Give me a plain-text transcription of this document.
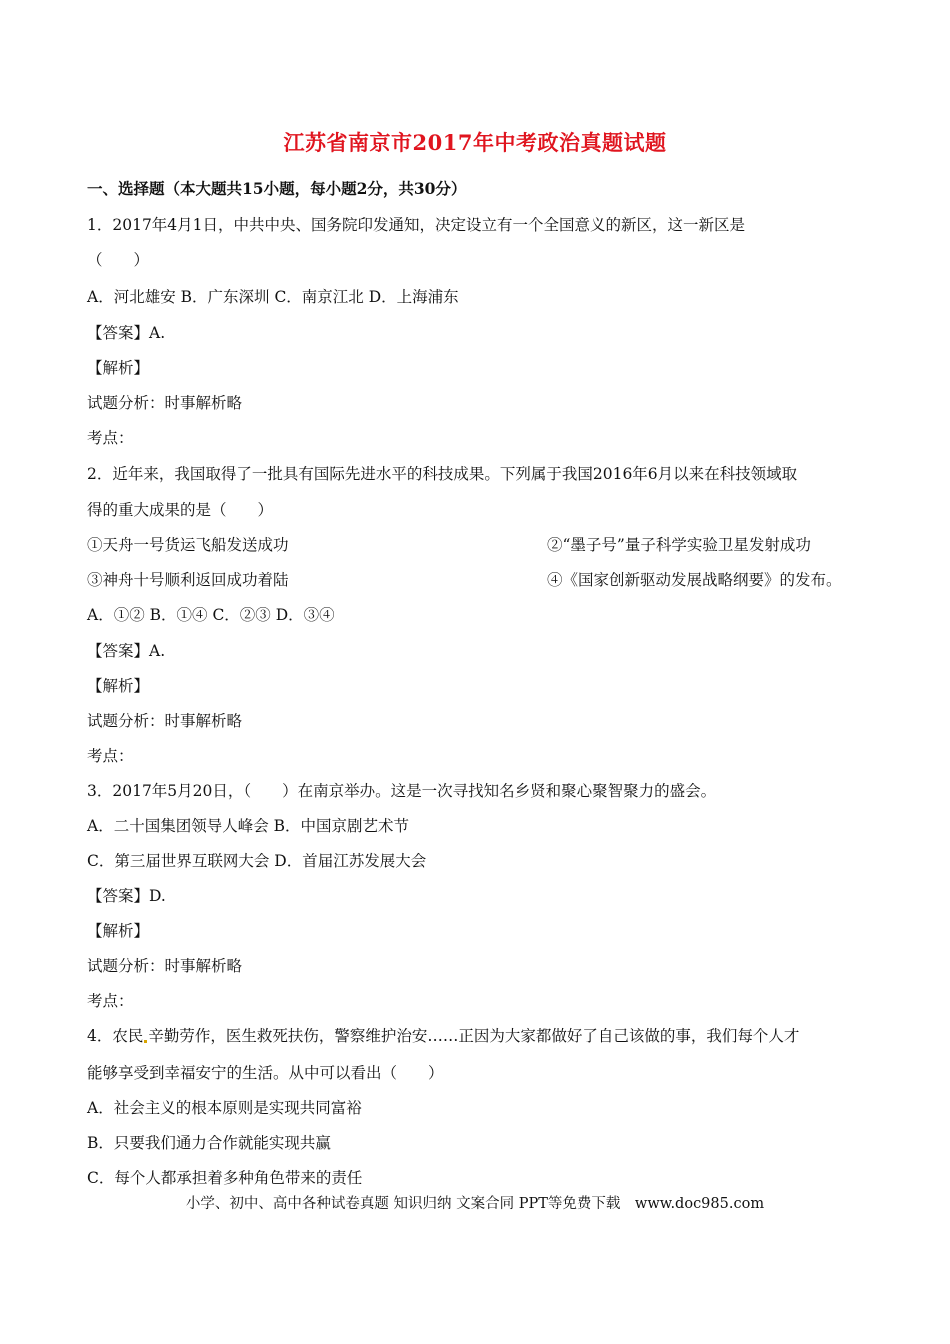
江苏省南京市2017年中考政治真题试题
一、选择题（本大题共15小题，每小题2分，共30分）
1．2017年4月1日，中共中央、国务院印发通知，决定设立有一个全国意义的新区，这一新区是
（　　）
A．河北雄安 B．广东深圳 C．南京江北 D．上海浦东
【答案】A.
【解析】
试题分析：时事解析略
考点：
2．近年来，我国取得了一批具有国际先进水平的科技成果。下列属于我国2016年6月以来在科技领域取
得的重大成果的是（　　）
①天舟一号货运飞船发送成功	②“墨子号”量子科学实验卫星发射成功
③神舟十号顺利返回成功着陆	④《国家创新驱动发展战略纲要》的发布。
A．①② B．①④ C．②③ D．③④
【答案】A.
【解析】
试题分析：时事解析略
考点：
3．2017年5月20日，（　　）在南京举办。这是一次寻找知名乡贤和聚心聚智聚力的盛会。
A．二十国集团领导人峰会 B．中国京剧艺术节
C．第三届世界互联网大会 D．首届江苏发展大会
【答案】D.
【解析】
试题分析：时事解析略
考点：
4．农民 辛勤劳作，医生救死扶伤，警察维护治安……正因为大家都做好了自己该做的事，我们每个人才
能够享受到幸福安宁的生活。从中可以看出（　　）
A．社会主义的根本原则是实现共同富裕
B．只要我们通力合作就能实现共赢
C．每个人都承担着多种角色带来的责任
小学、初中、高中各种试卷真题 知识归纳 文案合同 PPT等免费下载　www.doc985.com
